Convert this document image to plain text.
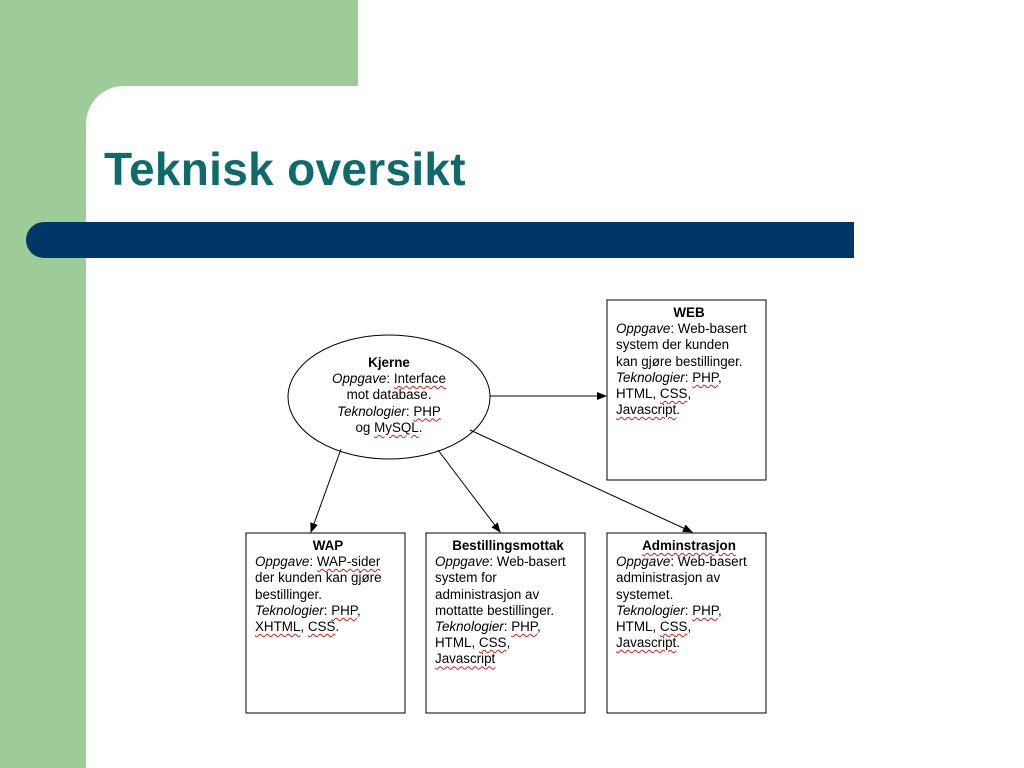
Teknisk oversikt
Kjerne
Oppgave: Interface
mot database.
Teknologier: PHP
og MySQL.
WEB
Oppgave: Web-basert
system der kunden
kan gjøre bestillinger.
Teknologier: PHP,
HTML, CSS,
Javascript.
WAP
Oppgave: WAP-sider
der kunden kan gjøre
bestillinger.
Teknologier: PHP,
XHTML, CSS.
Bestillingsmottak
Oppgave: Web-basert
system for
administrasjon av
mottatte bestillinger.
Teknologier: PHP,
HTML, CSS,
Javascript
Adminstrasjon
Oppgave: Web-basert
administrasjon av
systemet.
Teknologier: PHP,
HTML, CSS,
Javascript.
